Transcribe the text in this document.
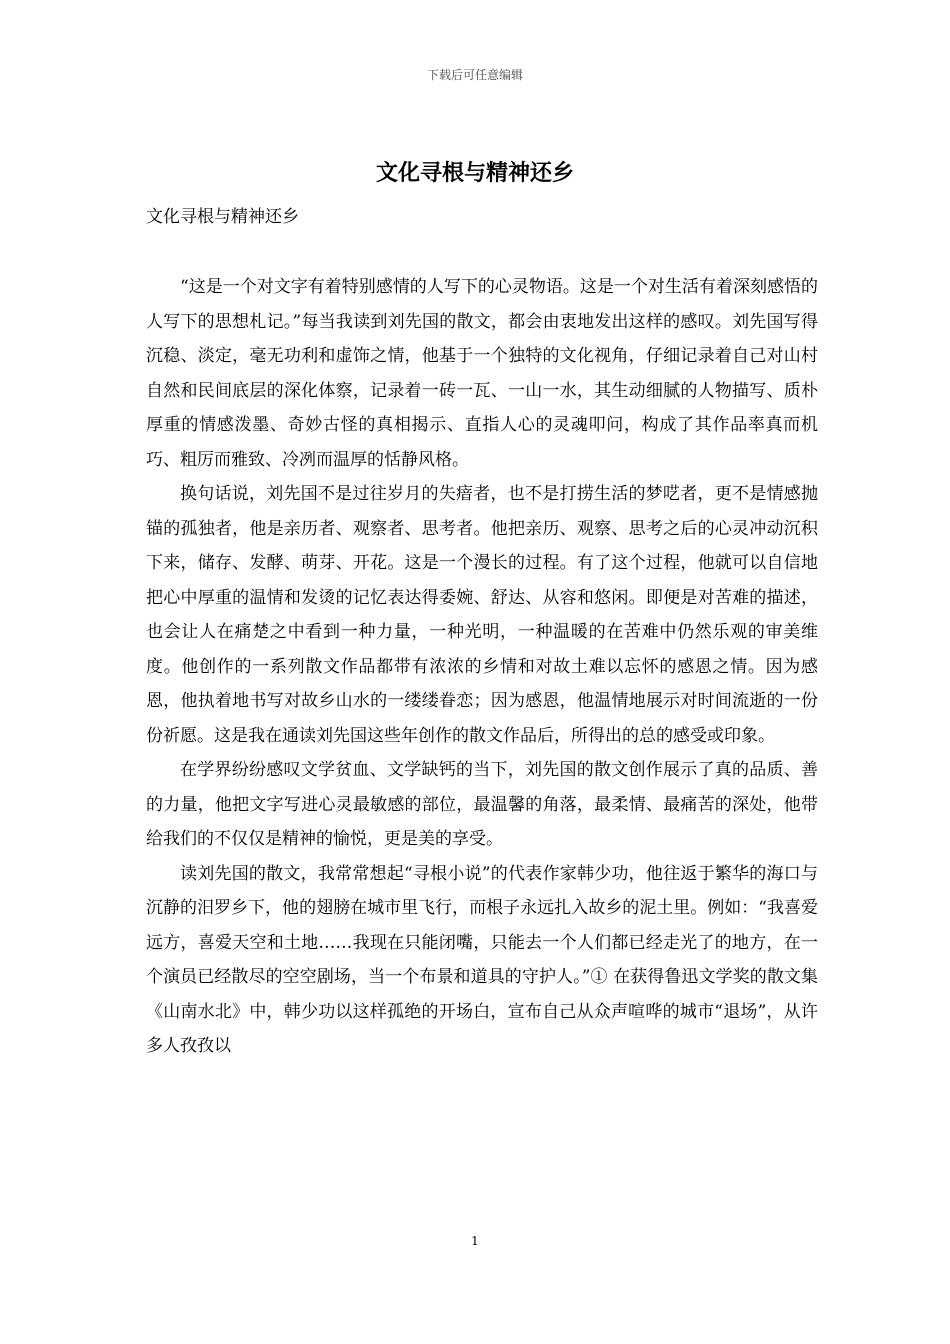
下载后可任意编辑
文化寻根与精神还乡

文化寻根与精神还乡

“这是一个对文字有着特别感情的人写下的心灵物语。这是一个对生活有着深刻感悟的人写下的思想札记。”每当我读到刘先国的散文，都会由衷地发出这样的感叹。刘先国写得沉稳、淡定，毫无功利和虚饰之情，他基于一个独特的文化视角，仔细记录着自己对山村自然和民间底层的深化体察，记录着一砖一瓦、一山一水，其生动细腻的人物描写、质朴厚重的情感泼墨、奇妙古怪的真相揭示、直指人心的灵魂叩问，构成了其作品率真而机巧、粗厉而雅致、冷冽而温厚的恬静风格。

换句话说，刘先国不是过往岁月的失瘖者，也不是打捞生活的梦呓者，更不是情感抛锚的孤独者，他是亲历者、观察者、思考者。他把亲历、观察、思考之后的心灵冲动沉积下来，储存、发酵、萌芽、开花。这是一个漫长的过程。有了这个过程，他就可以自信地把心中厚重的温情和发烫的记忆表达得委婉、舒达、从容和悠闲。即便是对苦难的描述，也会让人在痛楚之中看到一种力量，一种光明，一种温暖的在苦难中仍然乐观的审美维度。他创作的一系列散文作品都带有浓浓的乡情和对故土难以忘怀的感恩之情。因为感恩，他执着地书写对故乡山水的一缕缕眷恋；因为感恩，他温情地展示对时间流逝的一份份祈愿。这是我在通读刘先国这些年创作的散文作品后，所得出的总的感受或印象。

在学界纷纷感叹文学贫血、文学缺钙的当下，刘先国的散文创作展示了真的品质、善的力量，他把文字写进心灵最敏感的部位，最温馨的角落，最柔情、最痛苦的深处，他带给我们的不仅仅是精神的愉悦，更是美的享受。

读刘先国的散文，我常常想起“寻根小说”的代表作家韩少功，他往返于繁华的海口与沉静的汨罗乡下，他的翅膀在城市里飞行，而根子永远扎入故乡的泥土里。例如：“我喜爱远方，喜爱天空和土地……我现在只能闭嘴，只能去一个人们都已经走光了的地方，在一个演员已经散尽的空空剧场，当一个布景和道具的守护人。”① 在获得鲁迅文学奖的散文集《山南水北》中，韩少功以这样孤绝的开场白，宣布自己从众声喧哗的城市“退场”，从许多人孜孜以

1
